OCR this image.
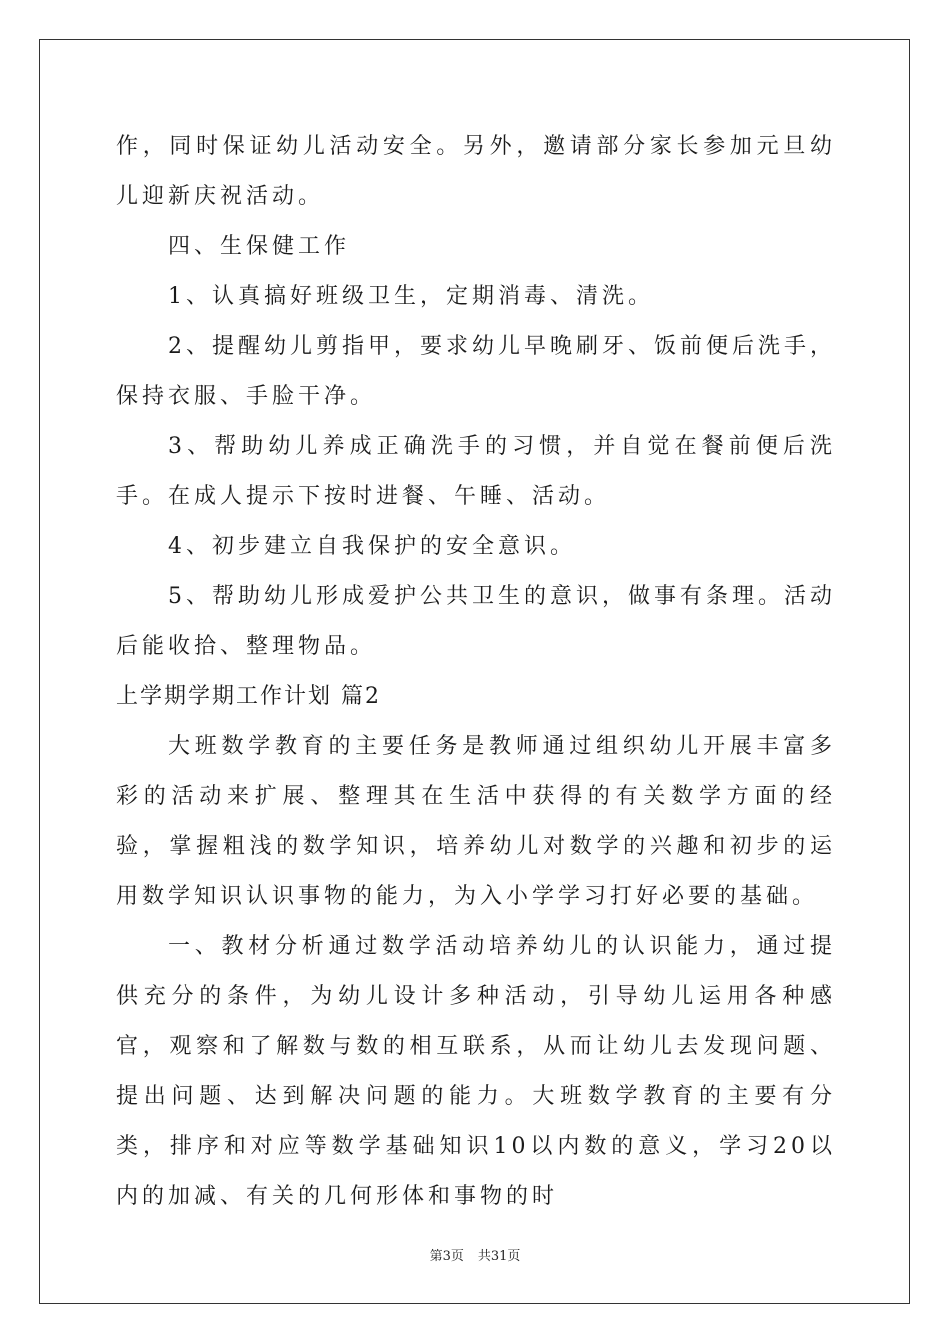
作，同时保证幼儿活动安全。另外，邀请部分家长参加元旦幼儿迎新庆祝活动。

四、生保健工作

1、认真搞好班级卫生，定期消毒、清洗。

2、提醒幼儿剪指甲，要求幼儿早晚刷牙、饭前便后洗手，保持衣服、手脸干净。

3、帮助幼儿养成正确洗手的习惯，并自觉在餐前便后洗手。在成人提示下按时进餐、午睡、活动。

4、初步建立自我保护的安全意识。

5、帮助幼儿形成爱护公共卫生的意识，做事有条理。活动后能收拾、整理物品。

上学期学期工作计划 篇2

大班数学教育的主要任务是教师通过组织幼儿开展丰富多彩的活动来扩展、整理其在生活中获得的有关数学方面的经验，掌握粗浅的数学知识，培养幼儿对数学的兴趣和初步的运用数学知识认识事物的能力，为入小学学习打好必要的基础。

一、教材分析通过数学活动培养幼儿的认识能力，通过提供充分的条件，为幼儿设计多种活动，引导幼儿运用各种感官，观察和了解数与数的相互联系，从而让幼儿去发现问题、提出问题、达到解决问题的能力。大班数学教育的主要有分类，排序和对应等数学基础知识10以内数的意义，学习20以内的加减、有关的几何形体和事物的时

第3页 共31页
